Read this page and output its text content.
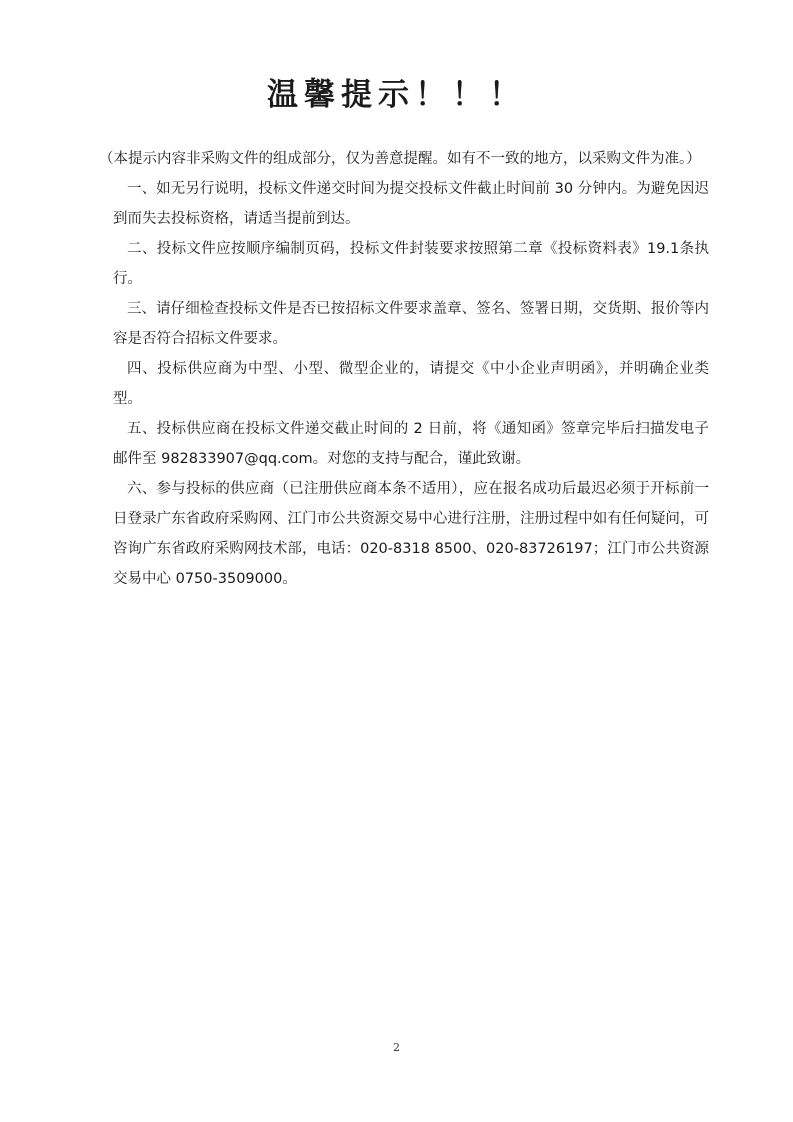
温馨提示！！！

（本提示内容非采购文件的组成部分，仅为善意提醒。如有不一致的地方，以采购文件为准。）

一、如无另行说明，投标文件递交时间为提交投标文件截止时间前 30 分钟内。为避免因迟到而失去投标资格，请适当提前到达。

二、投标文件应按顺序编制页码，投标文件封装要求按照第二章《投标资料表》19.1条执行。

三、请仔细检查投标文件是否已按招标文件要求盖章、签名、签署日期，交货期、报价等内容是否符合招标文件要求。

四、投标供应商为中型、小型、微型企业的，请提交《中小企业声明函》，并明确企业类型。

五、投标供应商在投标文件递交截止时间的 2 日前，将《通知函》签章完毕后扫描发电子邮件至 982833907@qq.com。对您的支持与配合，谨此致谢。

六、参与投标的供应商（已注册供应商本条不适用），应在报名成功后最迟必须于开标前一日登录广东省政府采购网、江门市公共资源交易中心进行注册，注册过程中如有任何疑问，可咨询广东省政府采购网技术部，电话：020-8318 8500、020-83726197；江门市公共资源交易中心 0750-3509000。

2
